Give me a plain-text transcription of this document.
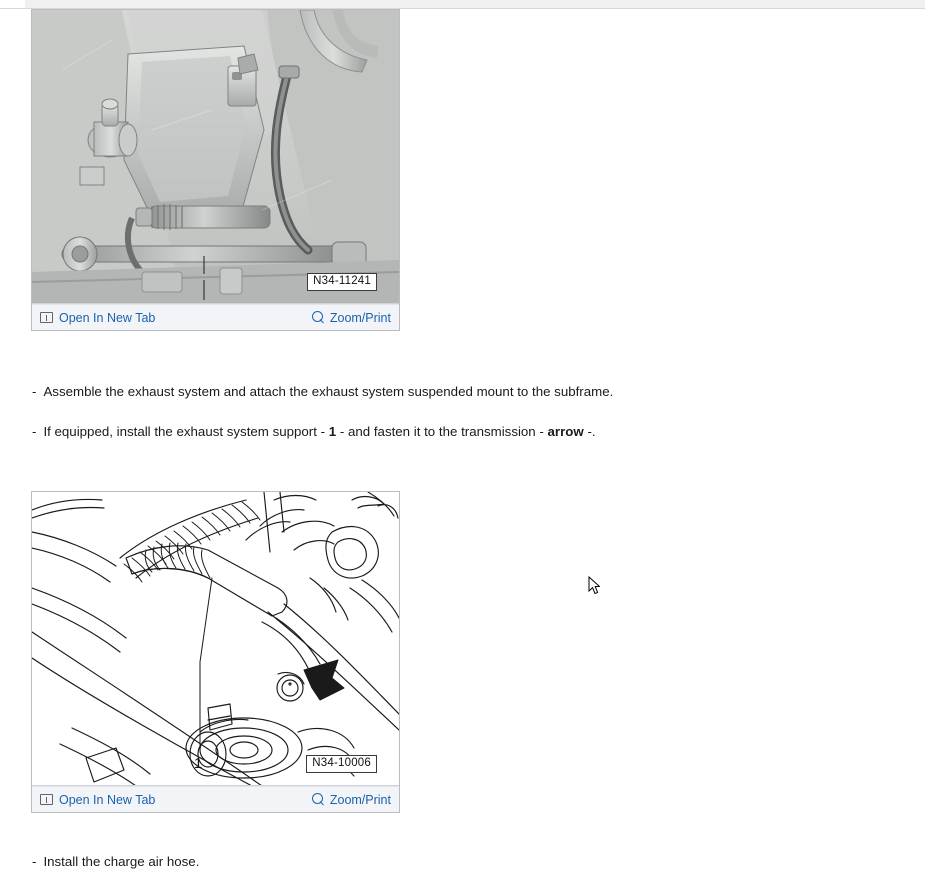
N34-11241
Open In New Tab	Zoom/Print
- Assemble the exhaust system and attach the exhaust system suspended mount to the subframe.
- If equipped, install the exhaust system support - 1 - and fasten it to the transmission - arrow -.
1	N34-10006
Open In New Tab	Zoom/Print
- Install the charge air hose.
